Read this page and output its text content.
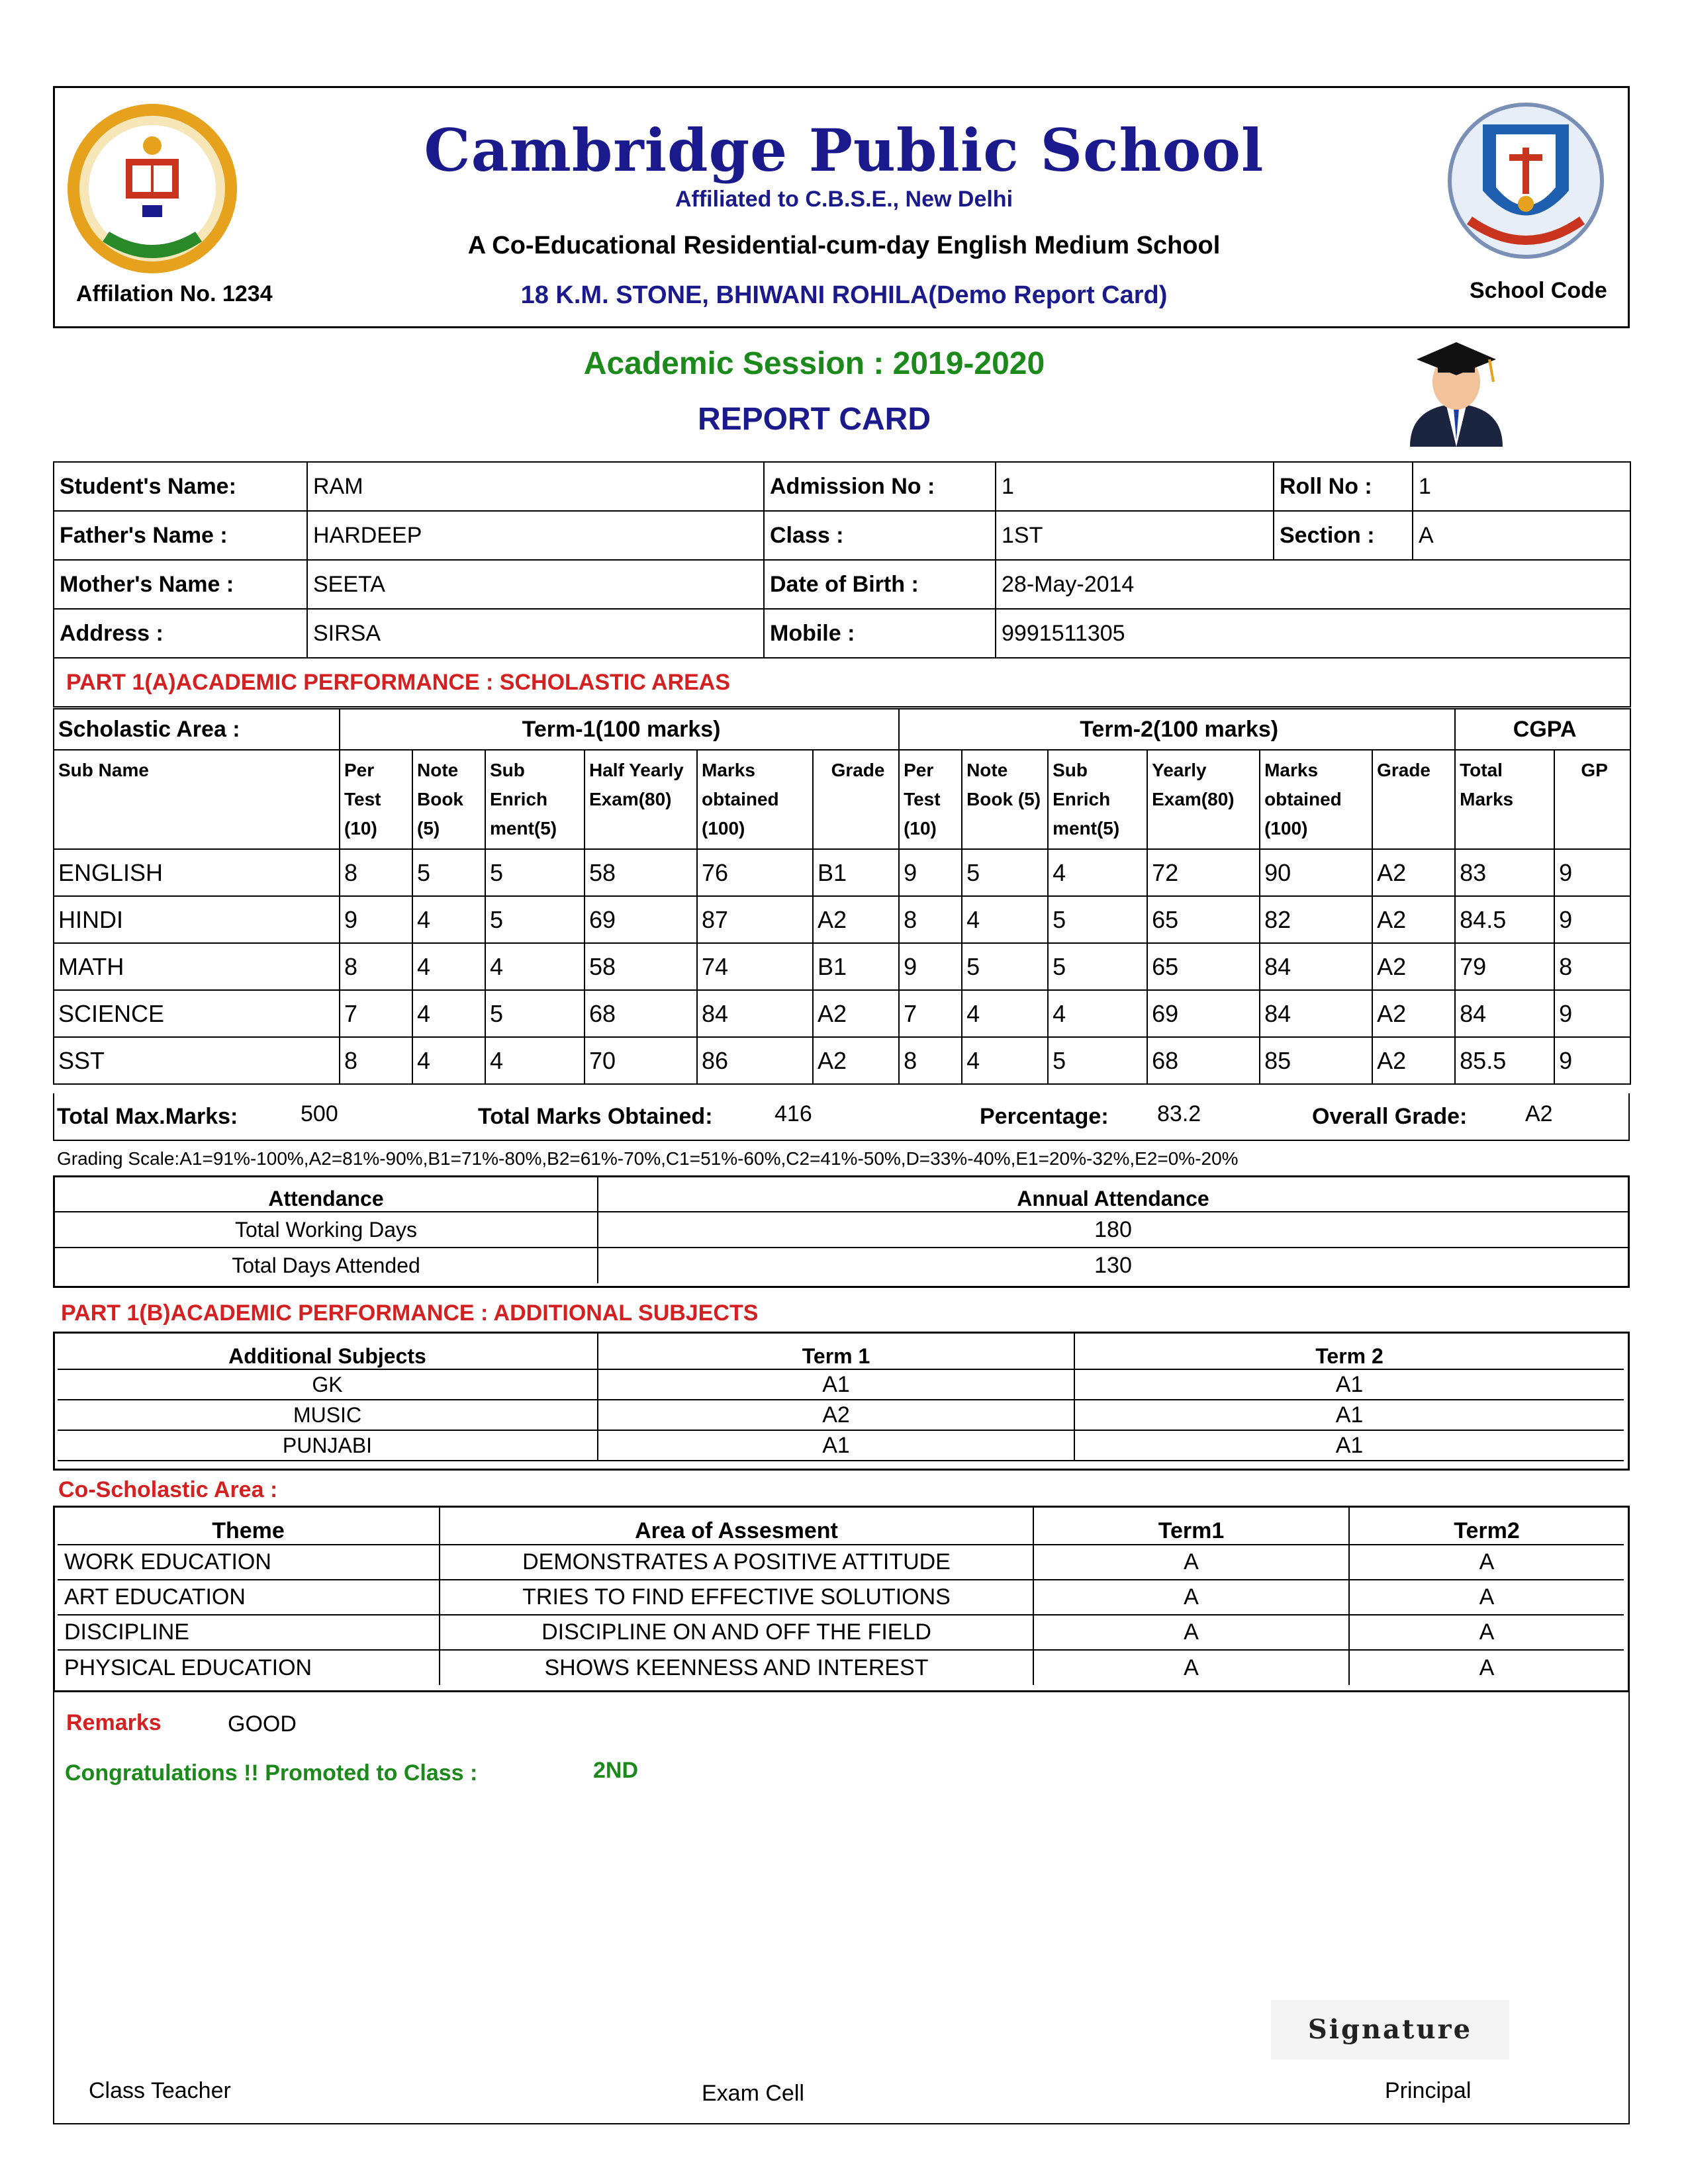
Cambridge Public School
Affiliated to C.B.S.E., New Delhi
A Co-Educational Residential-cum-day English Medium School
Affilation No. 1234	18 K.M. STONE, BHIWANI ROHILA(Demo Report Card)	School Code
Academic Session : 2019-2020
REPORT CARD
Student's Name:	RAM	Admission No :	1	Roll No :	1
Father's Name :	HARDEEP	Class :	1ST	Section :	A
Mother's Name :	SEETA	Date of Birth :	28-May-2014		
Address :	SIRSA	Mobile :	9991511305		
PART 1(A)ACADEMIC PERFORMANCE : SCHOLASTIC AREAS					
Scholastic Area :	Term-1(100 marks)						Term-2(100 marks)						CGPA	
Sub Name	Per Test (10)	Note Book (5)	Sub Enrich ment(5)	Half Yearly Exam(80)	Marks obtained (100)	Grade	Per Test (10)	Note Book (5)	Sub Enrich ment(5)	Yearly Exam(80)	Marks obtained (100)	Grade	Total Marks	GP
ENGLISH	8	5	5	58	76	B1	9	5	4	72	90	A2	83	9
HINDI	9	4	5	69	87	A2	8	4	5	65	82	A2	84.5	9
MATH	8	4	4	58	74	B1	9	5	5	65	84	A2	79	8
SCIENCE	7	4	5	68	84	A2	7	4	4	69	84	A2	84	9
SST	8	4	4	70	86	A2	8	4	5	68	85	A2	85.5	9
Total Max.Marks:	500	Total Marks Obtained:	416	Percentage: 83.2	Overall Grade:	A2
Grading Scale:A1=91%-100%,A2=81%-90%,B1=71%-80%,B2=61%-70%,C1=51%-60%,C2=41%-50%,D=33%-40%,E1=20%-32%,E2=0%-20%
Attendance	Annual Attendance
Total Working Days	180
Total Days Attended	130
PART 1(B)ACADEMIC PERFORMANCE : ADDITIONAL SUBJECTS
Additional Subjects	Term 1	Term 2
GK	A1	A1
MUSIC	A2	A1
PUNJABI	A1	A1
Co-Scholastic Area :
Theme	Area of Assesment	Term1	Term2
WORK EDUCATION	DEMONSTRATES A POSITIVE ATTITUDE	A	A
ART EDUCATION	TRIES TO FIND EFFECTIVE SOLUTIONS	A	A
DISCIPLINE	DISCIPLINE ON AND OFF THE FIELD	A	A
PHYSICAL EDUCATION	SHOWS KEENNESS AND INTEREST	A	A
Remarks	GOOD
Congratulations !! Promoted to Class :	2ND
Signature
Class Teacher	Exam Cell	Principal
